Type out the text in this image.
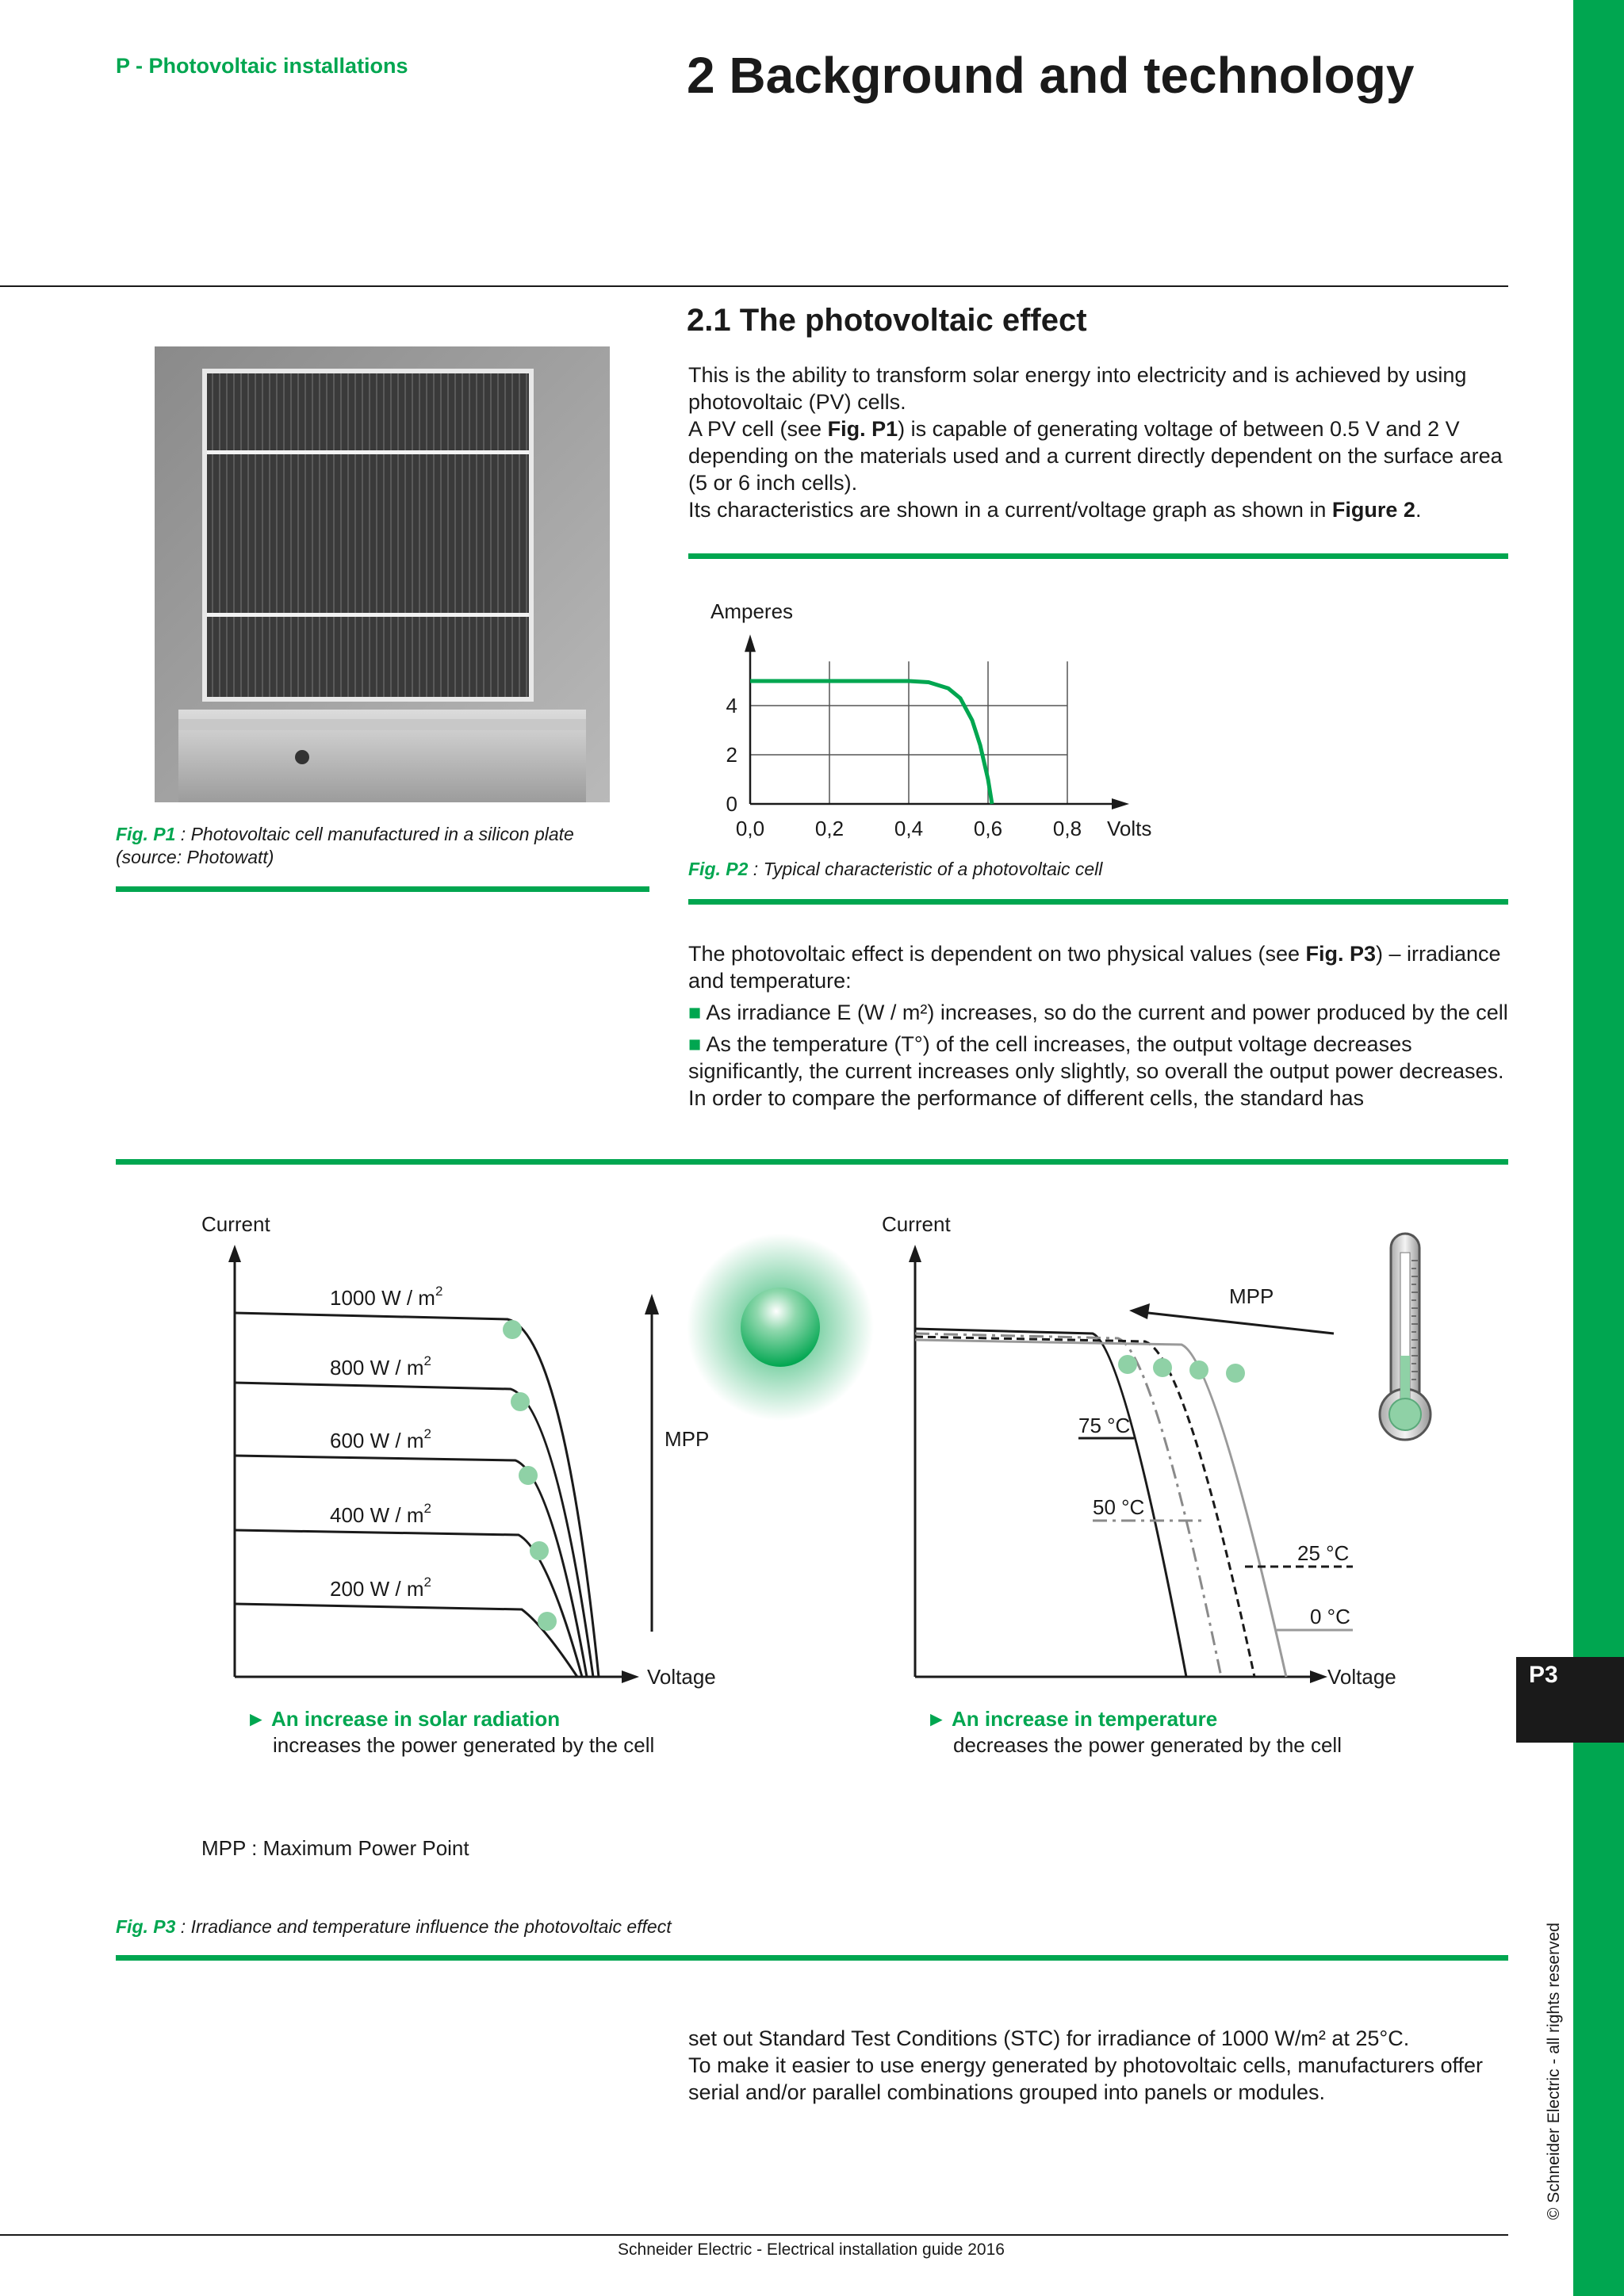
P3
© Schneider Electric - all rights reserved
P - Photovoltaic installations	2 Background and technology
Fig. P1 : Photovoltaic cell manufactured in a silicon plate (source: Photowatt)
2.1 The photovoltaic effect

This is the ability to transform solar energy into electricity and is achieved by using photovoltaic (PV) cells.

A PV cell (see Fig. P1) is capable of generating voltage of between 0.5 V and 2 V depending on the materials used and a current directly dependent on the surface area (5 or 6 inch cells).

Its characteristics are shown in a current/voltage graph as shown in Figure 2.

0,0 0,2 0,4 0,6 0,8
0
2
4
Amperes
Volts
Fig. P2 : Typical characteristic of a photovoltaic cell

The photovoltaic effect is dependent on two physical values (see Fig. P3) – irradiance and temperature:

■ As irradiance E (W / m²) increases, so do the current and power produced by the cell

■ As the temperature (T°) of the cell increases, the output voltage decreases significantly, the current increases only slightly, so overall the output power decreases. In order to compare the performance of different cells, the standard has

Current
Voltage
1000 W / $m^2$
800 W / $m^2$
600 W / $m^2$
400 W / $m^2$
200 W / $m^2$
MPP
Current
Voltage
MPP
75 °C
50 °C
25 °C
0 °C
► An increase in solar radiation
increases the power generated by the cell
► An increase in temperature
decreases the power generated by the cell
MPP : Maximum Power Point
Fig. P3 : Irradiance and temperature influence the photovoltaic effect

set out Standard Test Conditions (STC) for irradiance of 1000 W/m² at 25°C.

To make it easier to use energy generated by photovoltaic cells, manufacturers offer serial and/or parallel combinations grouped into panels or modules.

Schneider Electric - Electrical installation guide 2016
